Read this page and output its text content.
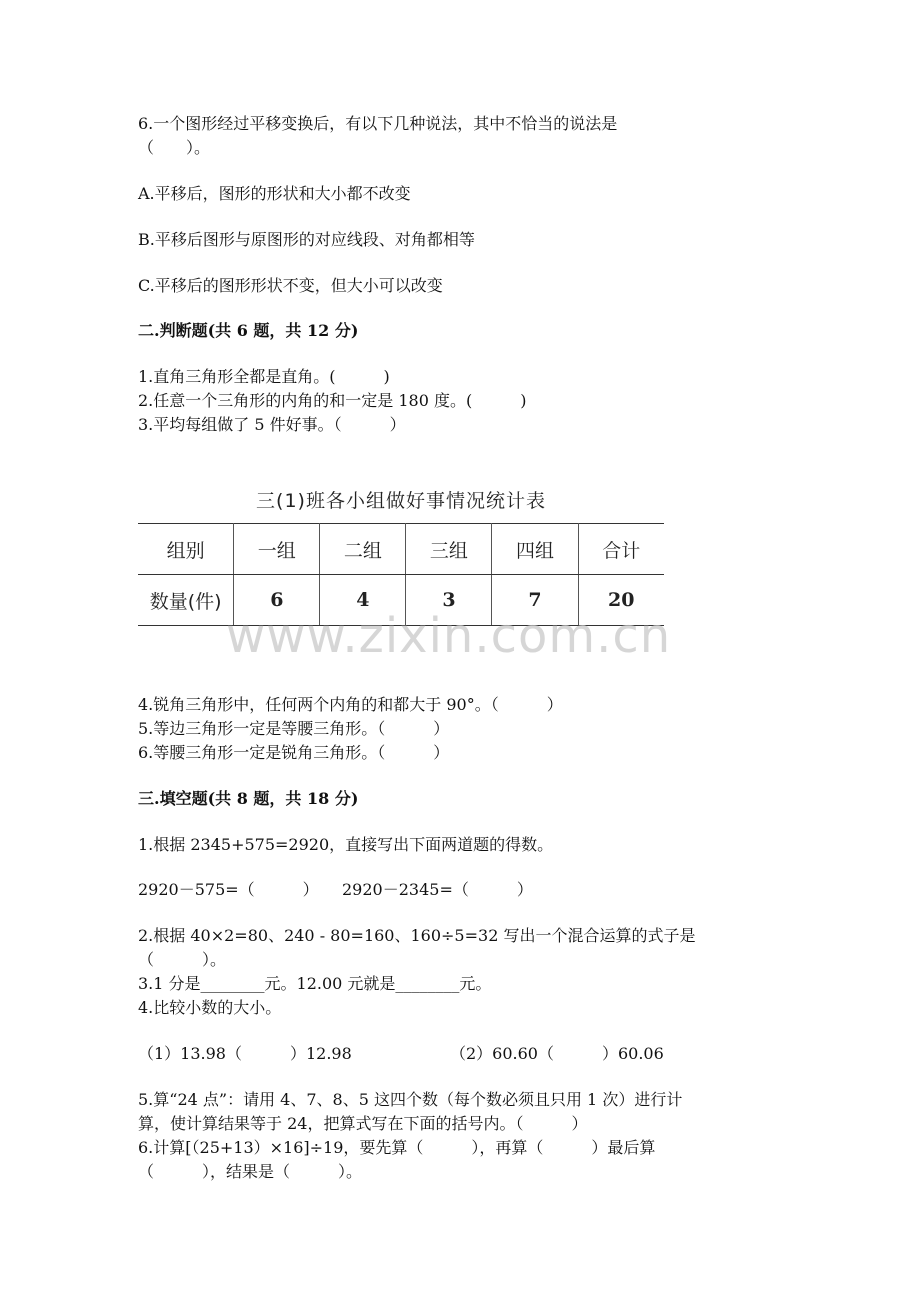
6.一个图形经过平移变换后，有以下几种说法，其中不恰当的说法是
（　　）。
A.平移后，图形的形状和大小都不改变
B.平移后图形与原图形的对应线段、对角都相等
C.平移后的图形形状不变，但大小可以改变
二.判断题(共 6 题，共 12 分)
1.直角三角形全都是直角。(　　　)
2.任意一个三角形的内角的和一定是 180 度。(　　　)
3.平均每组做了 5 件好事。（　　　）
三(1)班各小组做好事情况统计表
组别	一组	二组	三组	四组	合计
数量(件)	6	4	3	7	20
www.zixin.com.cn
4.锐角三角形中，任何两个内角的和都大于 90°。（　　　）
5.等边三角形一定是等腰三角形。（　　　）
6.等腰三角形一定是锐角三角形。（　　　）
三.填空题(共 8 题，共 18 分)
1.根据 2345+575=2920，直接写出下面两道题的得数。
2920－575=（　　　） 2920－2345=（　　　）
2.根据 40×2=80、240 - 80=160、160÷5=32 写出一个混合运算的式子是
（　　　）。
3.1 分是________元。12.00 元就是________元。
4.比较小数的大小。
（1）13.98（　　　）12.98	（2）60.60（　　　）60.06
5.算“24 点”：请用 4、7、8、5 这四个数（每个数必须且只用 1 次）进行计
算，使计算结果等于 24，把算式写在下面的括号内。（　　　）
6.计算[（25+13）×16]÷19，要先算（　　　），再算（　　　）最后算
（　　　），结果是（　　　）。
